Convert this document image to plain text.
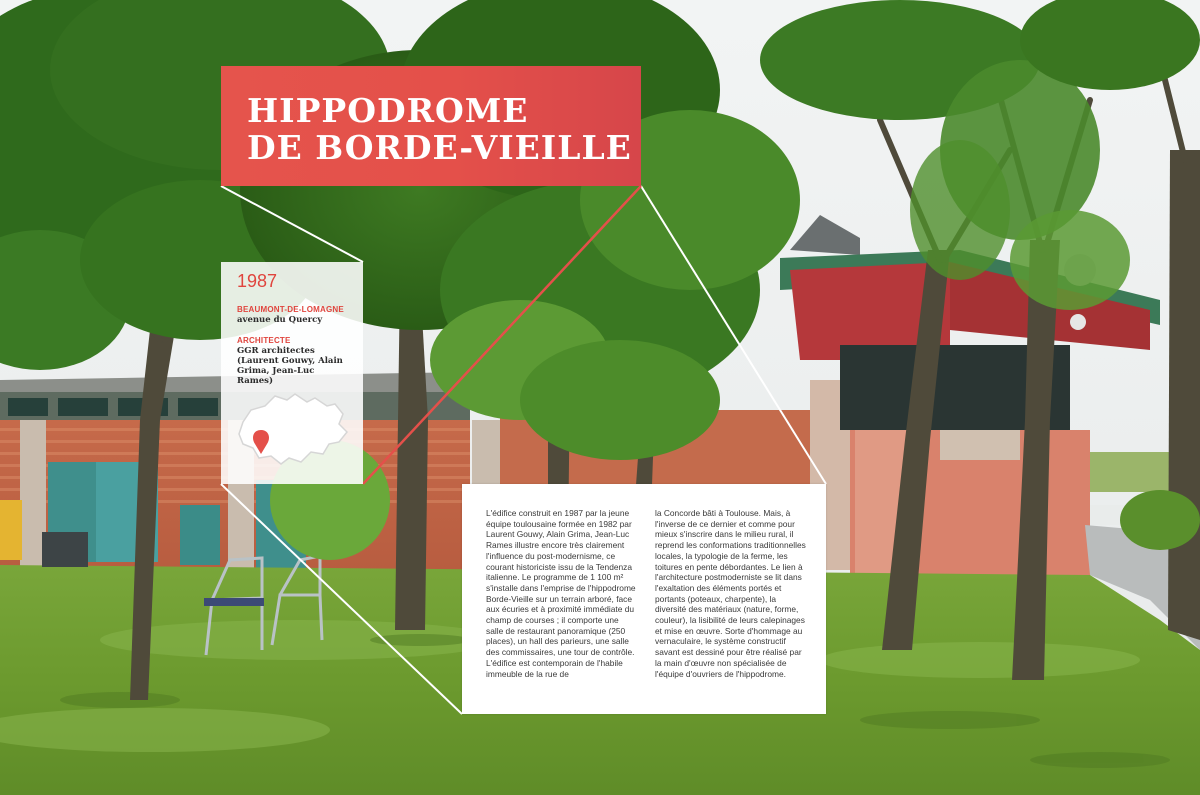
HIPPODROME
DE BORDE-VIEILLE
1987
BEAUMONT-DE-LOMAGNE
avenue du Quercy
ARCHITECTE
GGR architectes (Laurent Gouwy, Alain Grima, Jean-Luc Rames)
L'édifice construit en 1987 par la jeune équipe toulousaine formée en 1982 par Laurent Gouwy, Alain Grima, Jean-Luc Rames illustre encore très clairement l'influence du post-modernisme, ce courant historiciste issu de la Tendenza italienne. Le programme de 1 100 m² s'installe dans l'emprise de l'hippodrome Borde-Vieille sur un terrain arboré, face aux écuries et à proximité immédiate du champ de courses ; il comporte une salle de restaurant panoramique (250 places), un hall des parieurs, une salle des commissaires, une tour de contrôle. L'édifice est contemporain de l'habile immeuble de la rue de
la Concorde bâti à Toulouse. Mais, à l'inverse de ce dernier et comme pour mieux s'inscrire dans le milieu rural, il reprend les conformations traditionnelles locales, la typologie de la ferme, les toitures en pente débordantes. Le lien à l'architecture postmoderniste se lit dans l'exaltation des éléments portés et portants (poteaux, charpente), la diversité des matériaux (nature, forme, couleur), la lisibilité de leurs calepinages et mise en œuvre. Sorte d'hommage au vernaculaire, le système constructif savant est dessiné pour être réalisé par la main d'œuvre non spécialisée de l'équipe d'ouvriers de l'hippodrome.
